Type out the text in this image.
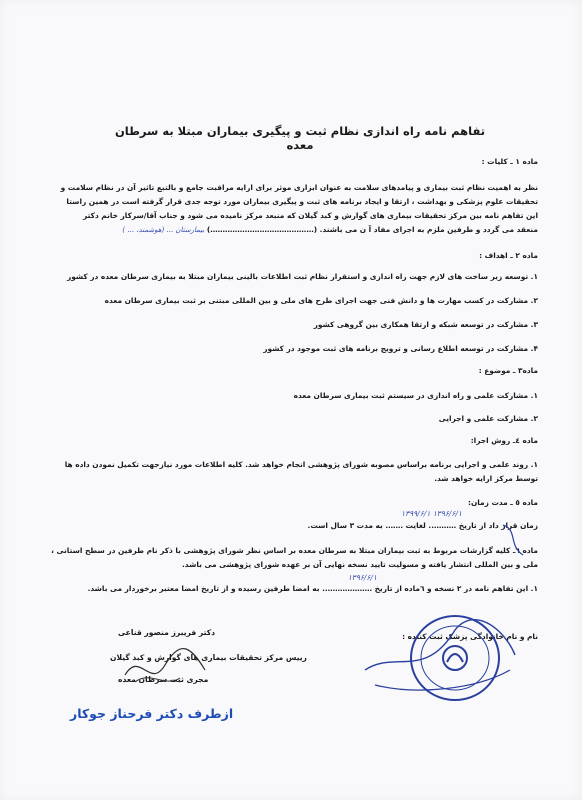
تفاهم نامه راه اندازی نظام ثبت و پیگیری بیماران مبتلا به سرطان معده
ماده ۱ ـ کلیات :
نظر به اهمیت نظام ثبت بیماری و پیامدهای سلامت به عنوان ابزاری موثر برای ارایه مراقبت جامع و بالتبع تاثیر آن در نظام سلامت و
تحقیقات علوم پزشکی و بهداشت ، ارتقا و ایجاد برنامه های ثبت و پیگیری بیماران مورد توجه جدی قرار گرفته است در همین راستا
این تفاهم نامه بین مرکز تحقیقات بیماری های گوارش و کبد گیلان که منبعد مرکز نامیده می شود و جناب آقا/سرکار خانم دکتر
منعقد می گردد و طرفین ملزم به اجرای مفاد آ ن می باشند. (……………………………………) بیمارستان ... (هوشمند، ... )
ماده ۲ ـ اهداف :
۱. توسعه زیر ساخت های لازم جهت راه اندازی و استقرار نظام ثبت اطلاعات بالینی بیماران مبتلا به بیماری سرطان معده در کشور
۲. مشارکت در کسب مهارت ها و دانش فنی جهت اجرای طرح های ملی و بین المللی مبتنی بر ثبت بیماری سرطان معده
۳. مشارکت در توسعه شبکه و ارتقا همکاری بین گروهی کشور
۴. مشارکت در توسعه اطلاع رسانی و ترویج برنامه های ثبت موجود در کشور
ماده۳ ـ موضوع :
۱. مشارکت علمی و راه اندازی در سیستم ثبت بیماری سرطان معده
۲. مشارکت علمی و اجرایی
ماده ٤ـ روش اجرا:
۱. روند علمی و اجرایی برنامه براساس مصوبه شورای پژوهشی انجام خواهد شد. کلیه اطلاعات مورد نیازجهت تکمیل نمودن داده ها
توسط مرکز ارایه خواهد شد.
ماده ٥ ـ مدت زمان:
۱۳۹۶/۶/۱ ۱۳۹۹/۶/۱
زمان قرار داد از تاریخ ……….. لغایت ……. به مدت ۳ سال است.
ماده ٦ـ کلیه گزارشات مربوط به ثبت بیماران مبتلا به سرطان معده بر اساس نظر شورای پژوهشی با ذکر نام طرفین در سطح استانی ،
ملی و بین المللی انتشار یافته و مسولیت تایید نسخه نهایی آن بر عهده شورای پژوهشی می باشد.
۱۳۹۶/۶/۱
۱. این تفاهم نامه در ۲ نسخه و ٦ماده از تاریخ ……………….. به امضا طرفین رسیده و از تاریخ امضا معتبر برخوردار می باشد.
نام و نام خانوادگی پزشک ثبت کننده :
دکتر فریبرز منصور قناعی
رییس مرکز تحقیقات بیماری های گوارش و کبد گیلان
مجری ثبت سرطان معده
ازطرف دکتر فرحناز جوکار
